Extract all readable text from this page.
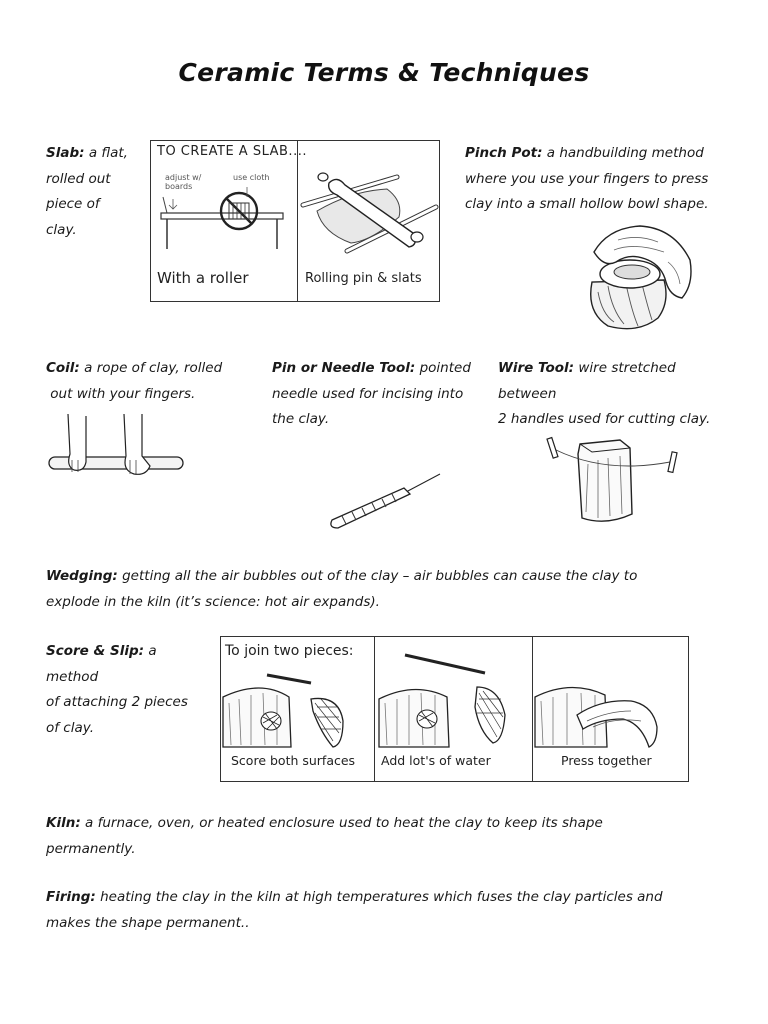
Ceramic Terms & Techniques
Slab: a flat,
rolled out
piece of
clay.
TO CREATE A SLAB....
adjust w/ boards
use cloth
With a roller	Rolling pin & slats
Pinch Pot: a handbuilding method
where you use your fingers to press
clay into a small hollow bowl shape.
Coil: a rope of clay, rolled
out with your fingers.
Pin or Needle Tool: pointed
needle used for incising into
the clay.
Wire Tool: wire stretched
between
2 handles used for cutting clay.
Wedging: getting all the air bubbles out of the clay – air bubbles can cause the clay to
explode in the kiln (it’s science: hot air expands).
Score & Slip: a
method
of attaching 2 pieces
of clay.
To join two pieces:
Score both surfaces Add lot's of water	Press together
Kiln: a furnace, oven, or heated enclosure used to heat the clay to keep its shape
permanently.
Firing: heating the clay in the kiln at high temperatures which fuses the clay particles and
makes the shape permanent..
